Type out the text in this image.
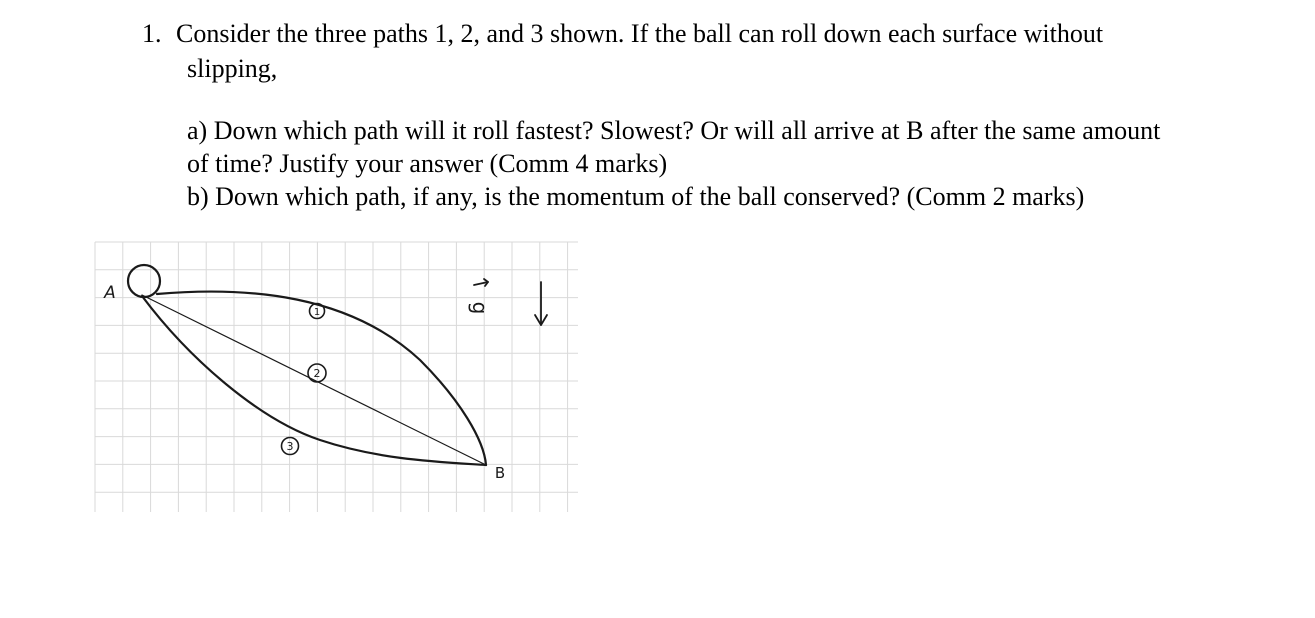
1. Consider the three paths 1, 2, and 3 shown. If the ball can roll down each surface without

slipping,

a) Down which path will it roll fastest? Slowest? Or will all arrive at B after the same amount

of time? Justify your answer (Comm 4 marks)

b) Down which path, if any, is the momentum of the ball conserved? (Comm 2 marks)

A
B
1
2
3
g
